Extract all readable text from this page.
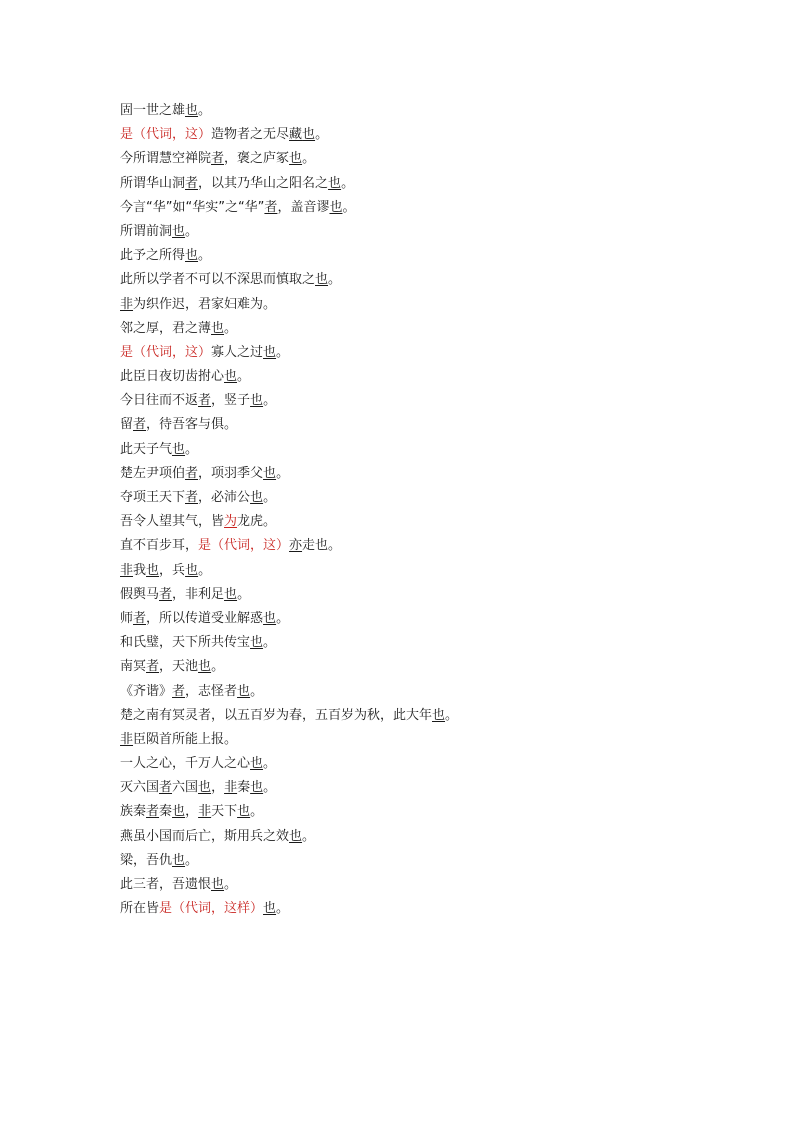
固一世之雄也。
是（代词，这）造物者之无尽藏也。
今所谓慧空禅院者，褒之庐冢也。
所谓华山洞者，以其乃华山之阳名之也。
今言“华”如“华实”之“华”者，盖音谬也。
所谓前洞也。
此予之所得也。
此所以学者不可以不深思而慎取之也。
非为织作迟，君家妇难为。
邻之厚，君之薄也。
是（代词，这）寡人之过也。
此臣日夜切齿拊心也。
今日往而不返者，竖子也。
留者，待吾客与俱。
此天子气也。
楚左尹项伯者，项羽季父也。
夺项王天下者，必沛公也。
吾令人望其气，皆为龙虎。
直不百步耳，是（代词，这）亦走也。
非我也，兵也。
假舆马者，非利足也。
师者，所以传道受业解惑也。
和氏璧，天下所共传宝也。
南冥者，天池也。
《齐谐》者，志怪者也。
楚之南有冥灵者，以五百岁为春，五百岁为秋，此大年也。
非臣陨首所能上报。
一人之心，千万人之心也。
灭六国者六国也，非秦也。
族秦者秦也，非天下也。
燕虽小国而后亡，斯用兵之效也。
梁，吾仇也。
此三者，吾遗恨也。
所在皆是（代词，这样）也。
